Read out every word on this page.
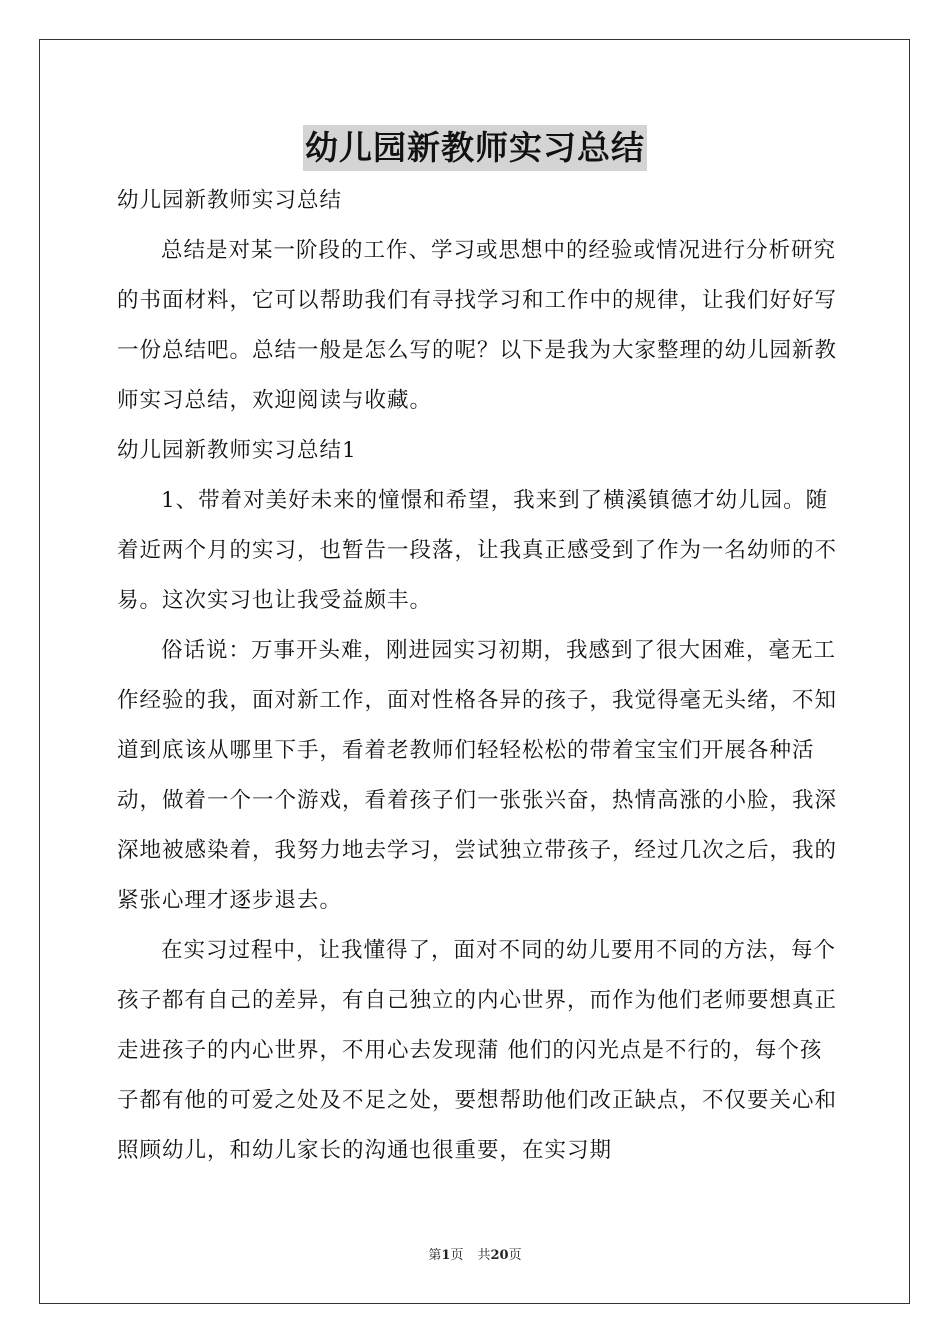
幼儿园新教师实习总结

幼儿园新教师实习总结

总结是对某一阶段的工作、学习或思想中的经验或情况进行分析研究的书面材料，它可以帮助我们有寻找学习和工作中的规律，让我们好好写一份总结吧。总结一般是怎么写的呢？以下是我为大家整理的幼儿园新教师实习总结，欢迎阅读与收藏。

幼儿园新教师实习总结1

1、带着对美好未来的憧憬和希望，我来到了横溪镇德才幼儿园。随着近两个月的实习，也暂告一段落，让我真正感受到了作为一名幼师的不易。这次实习也让我受益颇丰。

俗话说：万事开头难，刚进园实习初期，我感到了很大困难，毫无工作经验的我，面对新工作，面对性格各异的孩子，我觉得毫无头绪，不知道到底该从哪里下手，看着老教师们轻轻松松的带着宝宝们开展各种活动，做着一个一个游戏，看着孩子们一张张兴奋，热情高涨的小脸，我深深地被感染着，我努力地去学习，尝试独立带孩子，经过几次之后，我的紧张心理才逐步退去。

在实习过程中，让我懂得了，面对不同的幼儿要用不同的方法，每个孩子都有自己的差异，有自己独立的内心世界，而作为他们老师要想真正走进孩子的内心世界，不用心去发现蒲 他们的闪光点是不行的，每个孩子都有他的可爱之处及不足之处，要想帮助他们改正缺点，不仅要关心和照顾幼儿，和幼儿家长的沟通也很重要，在实习期

第1页 共20页
